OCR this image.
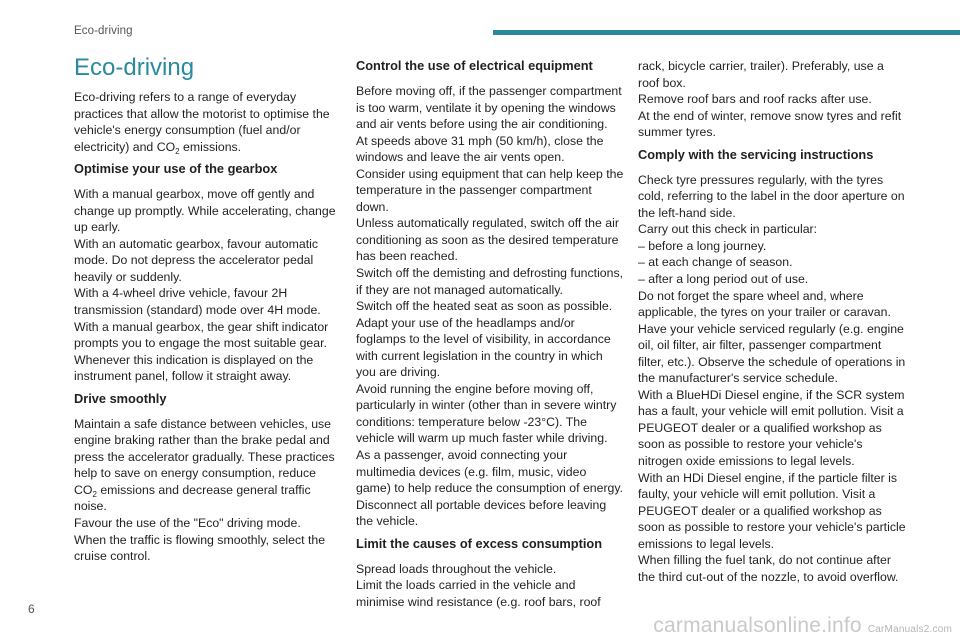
Eco-driving
Eco-driving

Eco-driving refers to a range of everyday practices that allow the motorist to optimise the vehicle's energy consumption (fuel and/or electricity) and $CO_2$ emissions.

Optimise your use of the gearbox

With a manual gearbox, move off gently and change up promptly. While accelerating, change up early.

With an automatic gearbox, favour automatic mode. Do not depress the accelerator pedal heavily or suddenly.

With a 4-wheel drive vehicle, favour 2H transmission (standard) mode over 4H mode.

With a manual gearbox, the gear shift indicator prompts you to engage the most suitable gear. Whenever this indication is displayed on the instrument panel, follow it straight away.

Drive smoothly

Maintain a safe distance between vehicles, use engine braking rather than the brake pedal and press the accelerator gradually. These practices help to save on energy consumption, reduce $CO_2$ emissions and decrease general traffic noise.

Favour the use of the "Eco" driving mode.

When the traffic is flowing smoothly, select the cruise control.

Control the use of electrical equipment

Before moving off, if the passenger compartment is too warm, ventilate it by opening the windows and air vents before using the air conditioning.

At speeds above 31 mph (50 km/h), close the windows and leave the air vents open.

Consider using equipment that can help keep the temperature in the passenger compartment down.

Unless automatically regulated, switch off the air conditioning as soon as the desired temperature has been reached.

Switch off the demisting and defrosting functions, if they are not managed automatically.

Switch off the heated seat as soon as possible.

Adapt your use of the headlamps and/or foglamps to the level of visibility, in accordance with current legislation in the country in which you are driving.

Avoid running the engine before moving off, particularly in winter (other than in severe wintry conditions: temperature below -23°C). The vehicle will warm up much faster while driving.

As a passenger, avoid connecting your multimedia devices (e.g. film, music, video game) to help reduce the consumption of energy.

Disconnect all portable devices before leaving the vehicle.

Limit the causes of excess consumption

Spread loads throughout the vehicle.

Limit the loads carried in the vehicle and minimise wind resistance (e.g. roof bars, roof

rack, bicycle carrier, trailer). Preferably, use a roof box.

Remove roof bars and roof racks after use.

At the end of winter, remove snow tyres and refit summer tyres.

Comply with the servicing instructions

Check tyre pressures regularly, with the tyres cold, referring to the label in the door aperture on the left-hand side.

Carry out this check in particular:

– before a long journey.

– at each change of season.

– after a long period out of use.

Do not forget the spare wheel and, where applicable, the tyres on your trailer or caravan.

Have your vehicle serviced regularly (e.g. engine oil, oil filter, air filter, passenger compartment filter, etc.). Observe the schedule of operations in the manufacturer's service schedule.

With a BlueHDi Diesel engine, if the SCR system has a fault, your vehicle will emit pollution. Visit a PEUGEOT dealer or a qualified workshop as soon as possible to restore your vehicle's nitrogen oxide emissions to legal levels.

With an HDi Diesel engine, if the particle filter is faulty, your vehicle will emit pollution. Visit a PEUGEOT dealer or a qualified workshop as soon as possible to restore your vehicle's particle emissions to legal levels.

When filling the fuel tank, do not continue after the third cut-out of the nozzle, to avoid overflow.

6
carmanualsonline.info CarManuals2.com
